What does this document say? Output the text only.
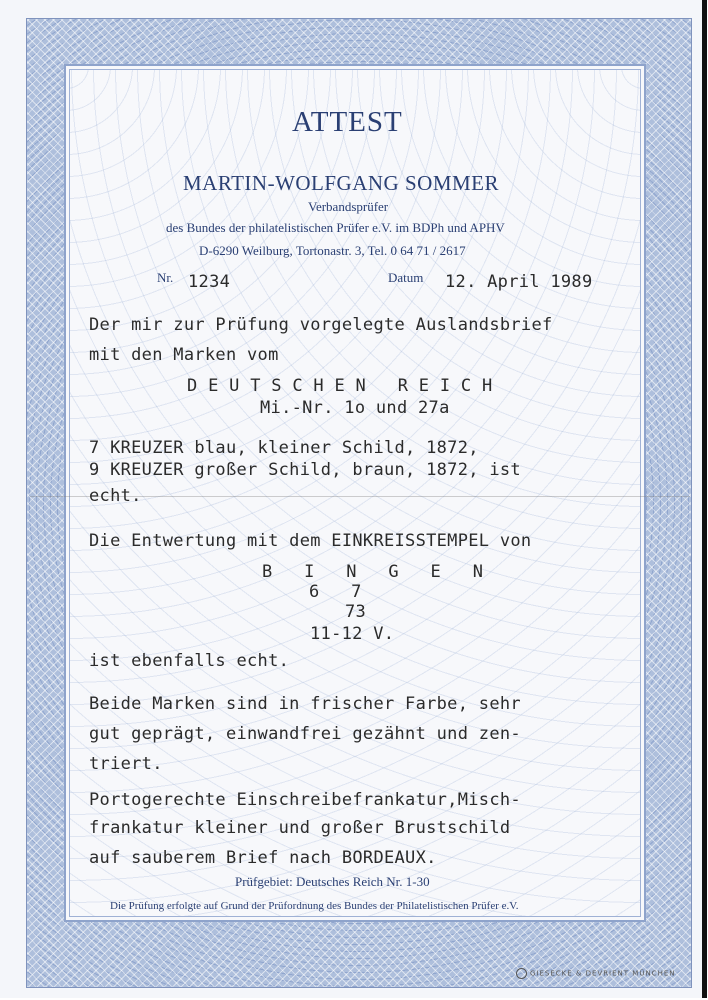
ATTEST
MARTIN-WOLFGANG SOMMER
Verbandsprüfer
des Bundes der philatelistischen Prüfer e.V. im BDPh und APHV
D-6290 Weilburg, Tortonastr. 3, Tel. 0 64 71 / 2617
Nr. 1234	Datum 12. April 1989
Der mir zur Prüfung vorgelegte Auslandsbrief
mit den Marken vom
D E U T S C H E N   R E I C H
Mi.-Nr. 1o und 27a
7 KREUZER blau, kleiner Schild, 1872,
9 KREUZER großer Schild, braun, 1872, ist
echt.
Die Entwertung mit dem EINKREISSTEMPEL von
B   I   N   G   E   N
6   7
73
11-12 V.
ist ebenfalls echt.
Beide Marken sind in frischer Farbe, sehr
gut geprägt, einwandfrei gezähnt und zen-
triert.
Portogerechte Einschreibefrankatur,Misch-
frankatur kleiner und großer Brustschild
auf sauberem Brief nach BORDEAUX.
Prüfgebiet: Deutsches Reich Nr. 1-30
Die Prüfung erfolgte auf Grund der Prüfordnung des Bundes der Philatelistischen Prüfer e.V.
GIESECKE & DEVRIENT MÜNCHEN
